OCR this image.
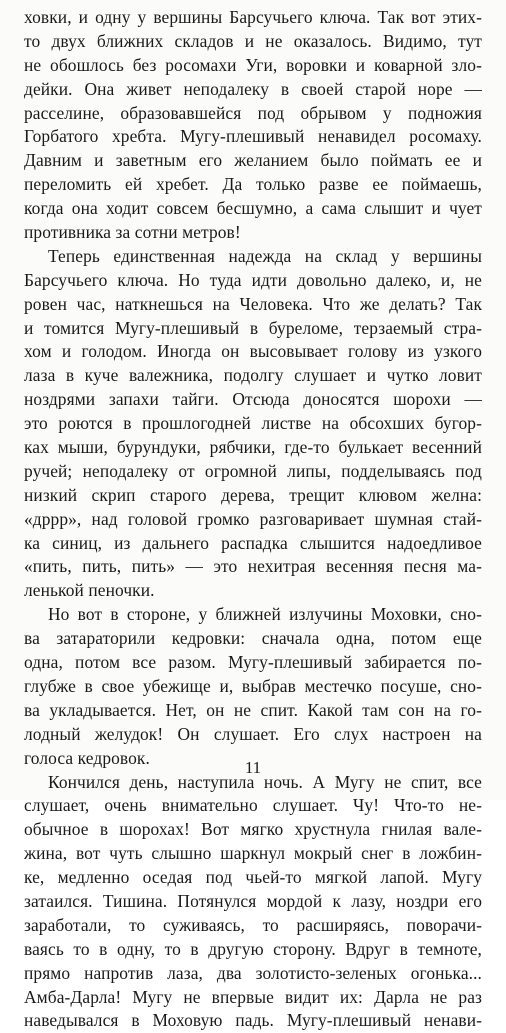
ховки, и одну у вершины Барсучьего ключа. Так вот этих-
то двух ближних складов и не оказалось. Видимо, тут
не обошлось без росомахи Уги, воровки и коварной зло-
дейки. Она живет неподалеку в своей старой норе —
расселине, образовавшейся под обрывом у подножия
Горбатого хребта. Мугу-плешивый ненавидел росомаху.
Давним и заветным его желанием было поймать ее и
переломить ей хребет. Да только разве ее поймаешь,
когда она ходит совсем бесшумно, а сама слышит и чует
противника за сотни метров!
Теперь единственная надежда на склад у вершины
Барсучьего ключа. Но туда идти довольно далеко, и, не
ровен час, наткнешься на Человека. Что же делать? Так
и томится Мугу-плешивый в буреломе, терзаемый стра-
хом и голодом. Иногда он высовывает голову из узкого
лаза в куче валежника, подолгу слушает и чутко ловит
ноздрями запахи тайги. Отсюда доносятся шорохи —
это роются в прошлогодней листве на обсохших бугор-
ках мыши, бурундуки, рябчики, где-то булькает весенний
ручей; неподалеку от огромной липы, подделываясь под
низкий скрип старого дерева, трещит клювом желна:
«дррр», над головой громко разговаривает шумная стай-
ка синиц, из дальнего распадка слышится надоедливое
«пить, пить, пить» — это нехитрая весенняя песня ма-
ленькой пеночки.
Но вот в стороне, у ближней излучины Моховки, сно-
ва затараторили кедровки: сначала одна, потом еще
одна, потом все разом. Мугу-плешивый забирается по-
глубже в свое убежище и, выбрав местечко посуше, сно-
ва укладывается. Нет, он не спит. Какой там сон на го-
лодный желудок! Он слушает. Его слух настроен на
голоса кедровок.
Кончился день, наступила ночь. А Мугу не спит, все
слушает, очень внимательно слушает. Чу! Что-то не-
обычное в шорохах! Вот мягко хрустнула гнилая вале-
жина, вот чуть слышно шаркнул мокрый снег в ложбин-
ке, медленно оседая под чьей-то мягкой лапой. Мугу
затаился. Тишина. Потянулся мордой к лазу, ноздри его
заработали, то суживаясь, то расширяясь, поворачи-
ваясь то в одну, то в другую сторону. Вдруг в темноте,
прямо напротив лаза, два золотисто-зеленых огонька...
Амба-Дарла! Мугу не впервые видит их: Дарла не раз
наведывался в Моховую падь. Мугу-плешивый ненави-
11
